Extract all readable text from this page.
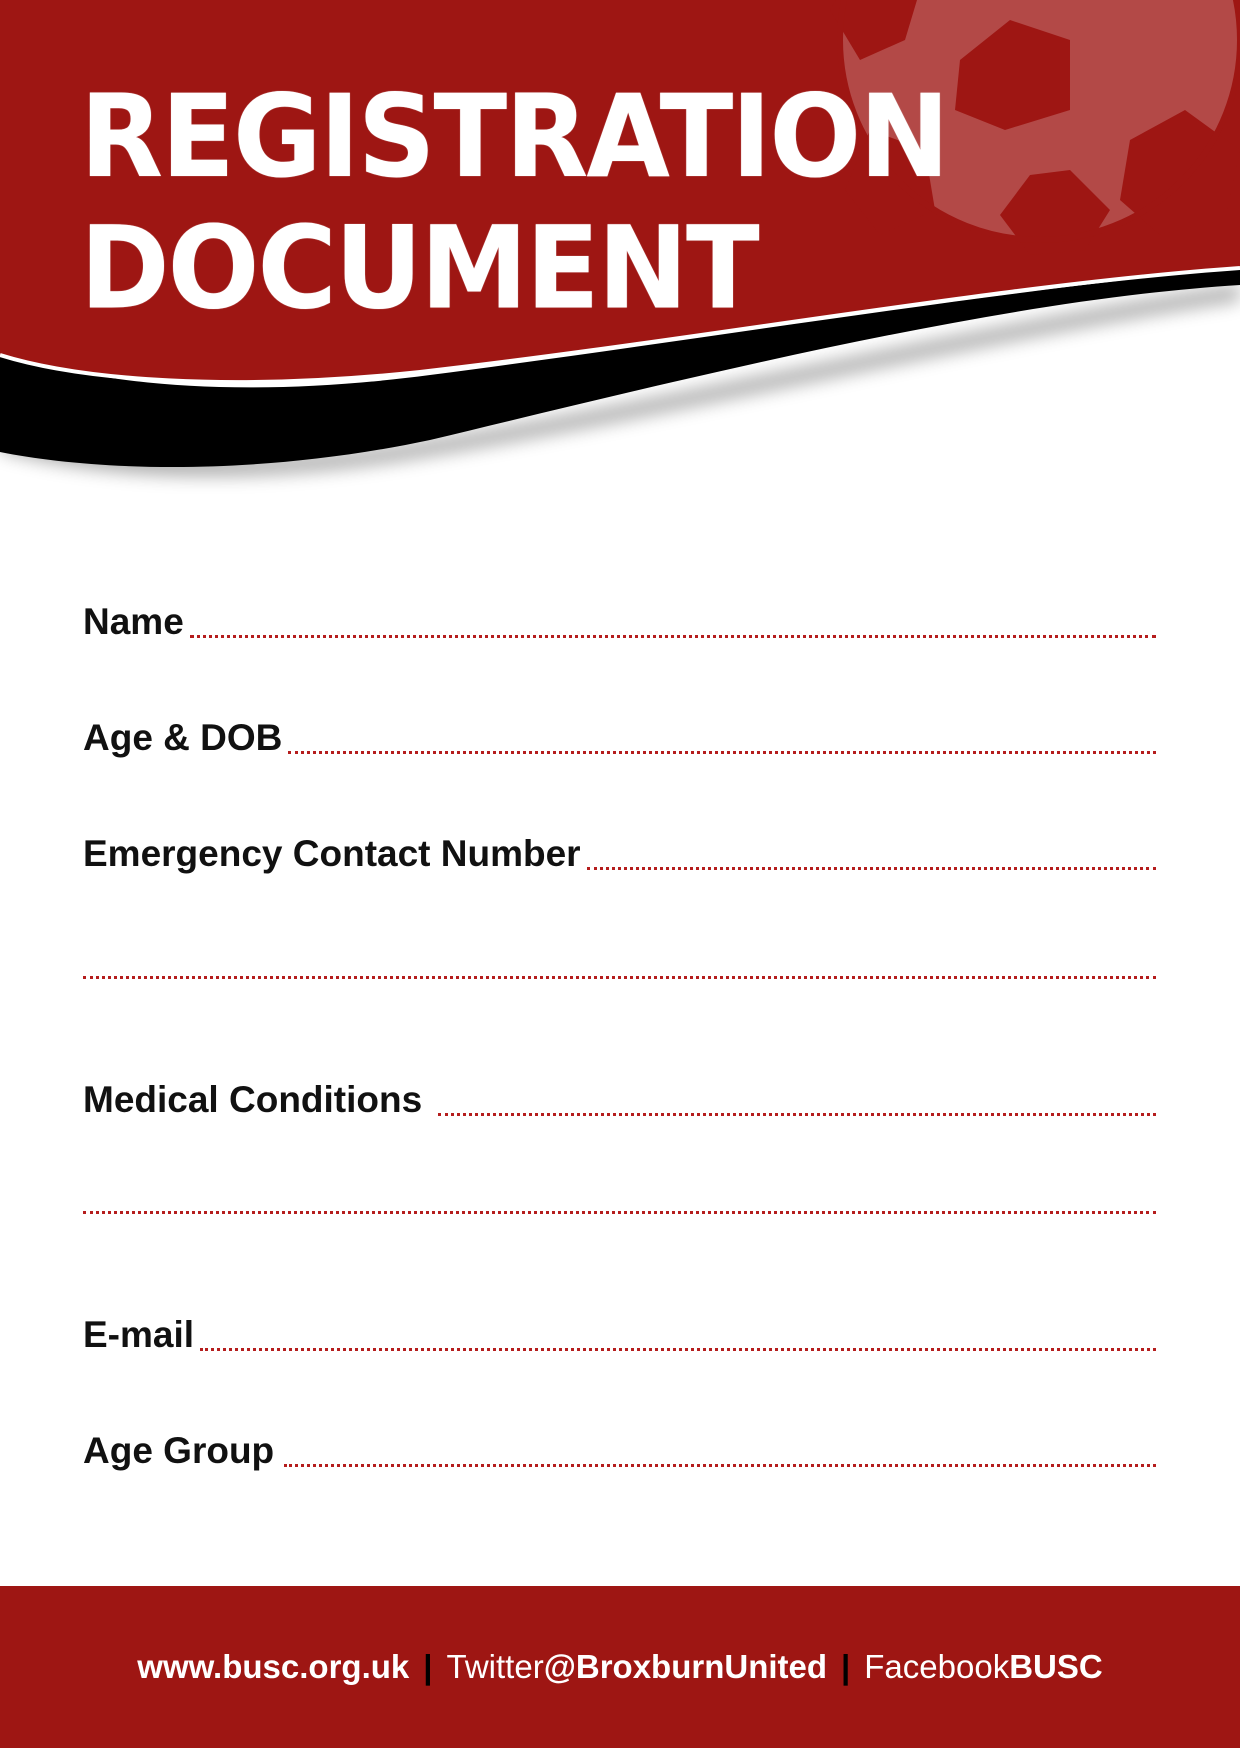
REGISTRATION
DOCUMENT
Name
Age & DOB
Emergency Contact Number
Medical Conditions
E-mail
Age Group
www.busc.org.uk | Twitter @BroxburnUnited | Facebook BUSC
